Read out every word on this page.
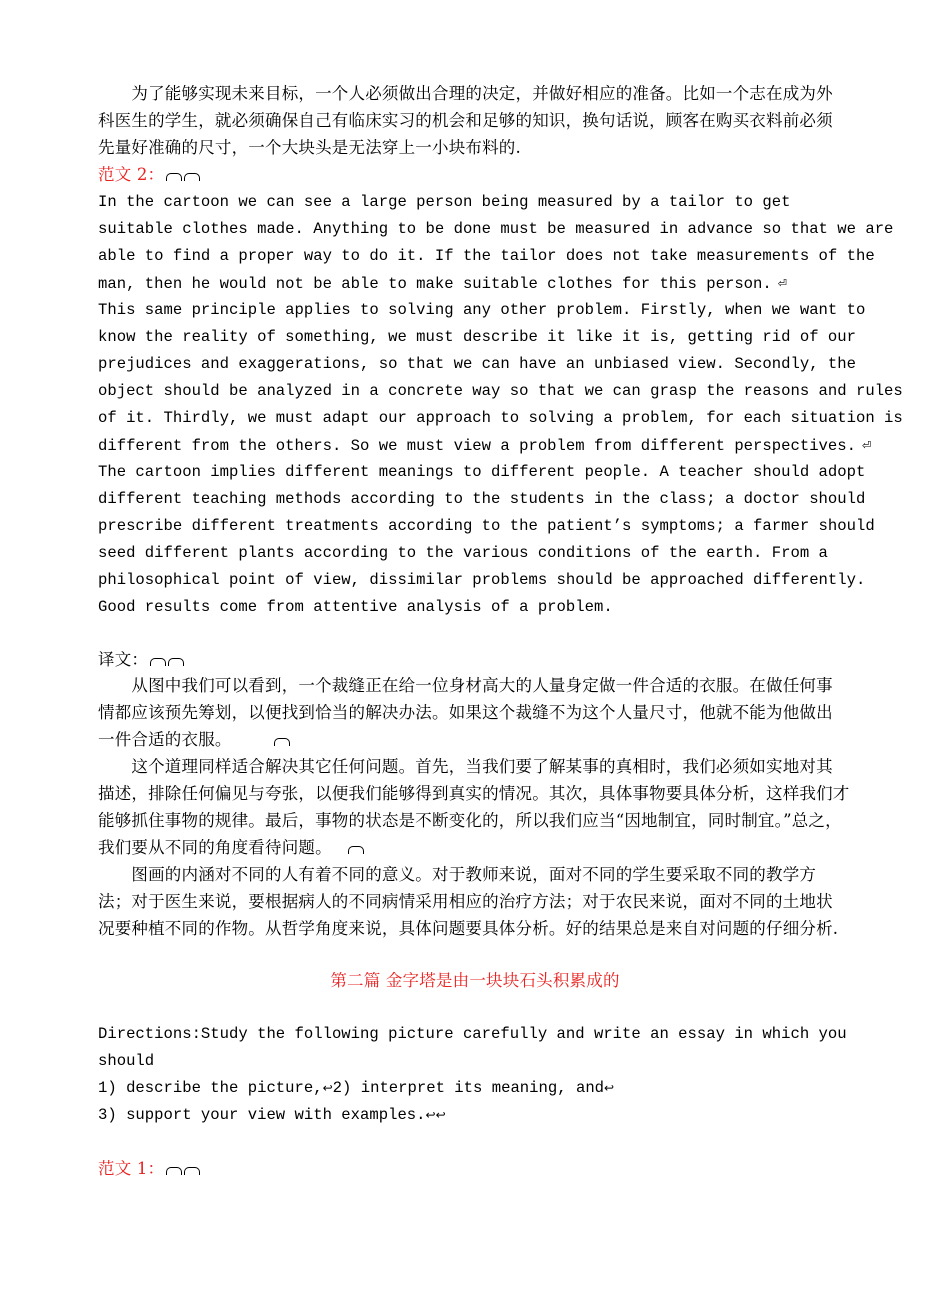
　　为了能够实现未来目标，一个人必须做出合理的决定，并做好相应的准备。比如一个志在成为外
科医生的学生，就必须确保自己有临床实习的机会和足够的知识，换句话说，顾客在购买衣料前必须
先量好准确的尺寸，一个大块头是无法穿上一小块布料的.
范文 2：
In the cartoon we can see a large person being measured by a tailor to get
suitable clothes made. Anything to be done must be measured in advance so that we are
able to find a proper way to do it. If the tailor does not take measurements of the
man, then he would not be able to make suitable clothes for this person. ⏎
This same principle applies to solving any other problem. Firstly, when we want to
know the reality of something, we must describe it like it is, getting rid of our
prejudices and exaggerations, so that we can have an unbiased view. Secondly, the
object should be analyzed in a concrete way so that we can grasp the reasons and rules
of it. Thirdly, we must adapt our approach to solving a problem, for each situation is
different from the others. So we must view a problem from different perspectives. ⏎
The cartoon implies different meanings to different people. A teacher should adopt
different teaching methods according to the students in the class; a doctor should
prescribe different treatments according to the patient’s symptoms; a farmer should
seed different plants according to the various conditions of the earth. From a
philosophical point of view, dissimilar problems should be approached differently.
Good results come from attentive analysis of a problem.
译文：
　　从图中我们可以看到，一个裁缝正在给一位身材高大的人量身定做一件合适的衣服。在做任何事
情都应该预先筹划，以便找到恰当的解决办法。如果这个裁缝不为这个人量尺寸，他就不能为他做出
一件合适的衣服。
　　这个道理同样适合解决其它任何问题。首先，当我们要了解某事的真相时，我们必须如实地对其
描述，排除任何偏见与夸张，以便我们能够得到真实的情况。其次，具体事物要具体分析，这样我们才
能够抓住事物的规律。最后，事物的状态是不断变化的，所以我们应当“因地制宜，同时制宜。”总之，
我们要从不同的角度看待问题。
　　图画的内涵对不同的人有着不同的意义。对于教师来说，面对不同的学生要采取不同的教学方
法；对于医生来说，要根据病人的不同病情采用相应的治疗方法；对于农民来说，面对不同的土地状
况要种植不同的作物。从哲学角度来说，具体问题要具体分析。好的结果总是来自对问题的仔细分析.
第二篇 金字塔是由一块块石头积累成的
Directions:Study the following picture carefully and write an essay in which you
should
1) describe the picture,↩2) interpret its meaning, and↩
3) support your view with examples.↩↩
范文 1：
